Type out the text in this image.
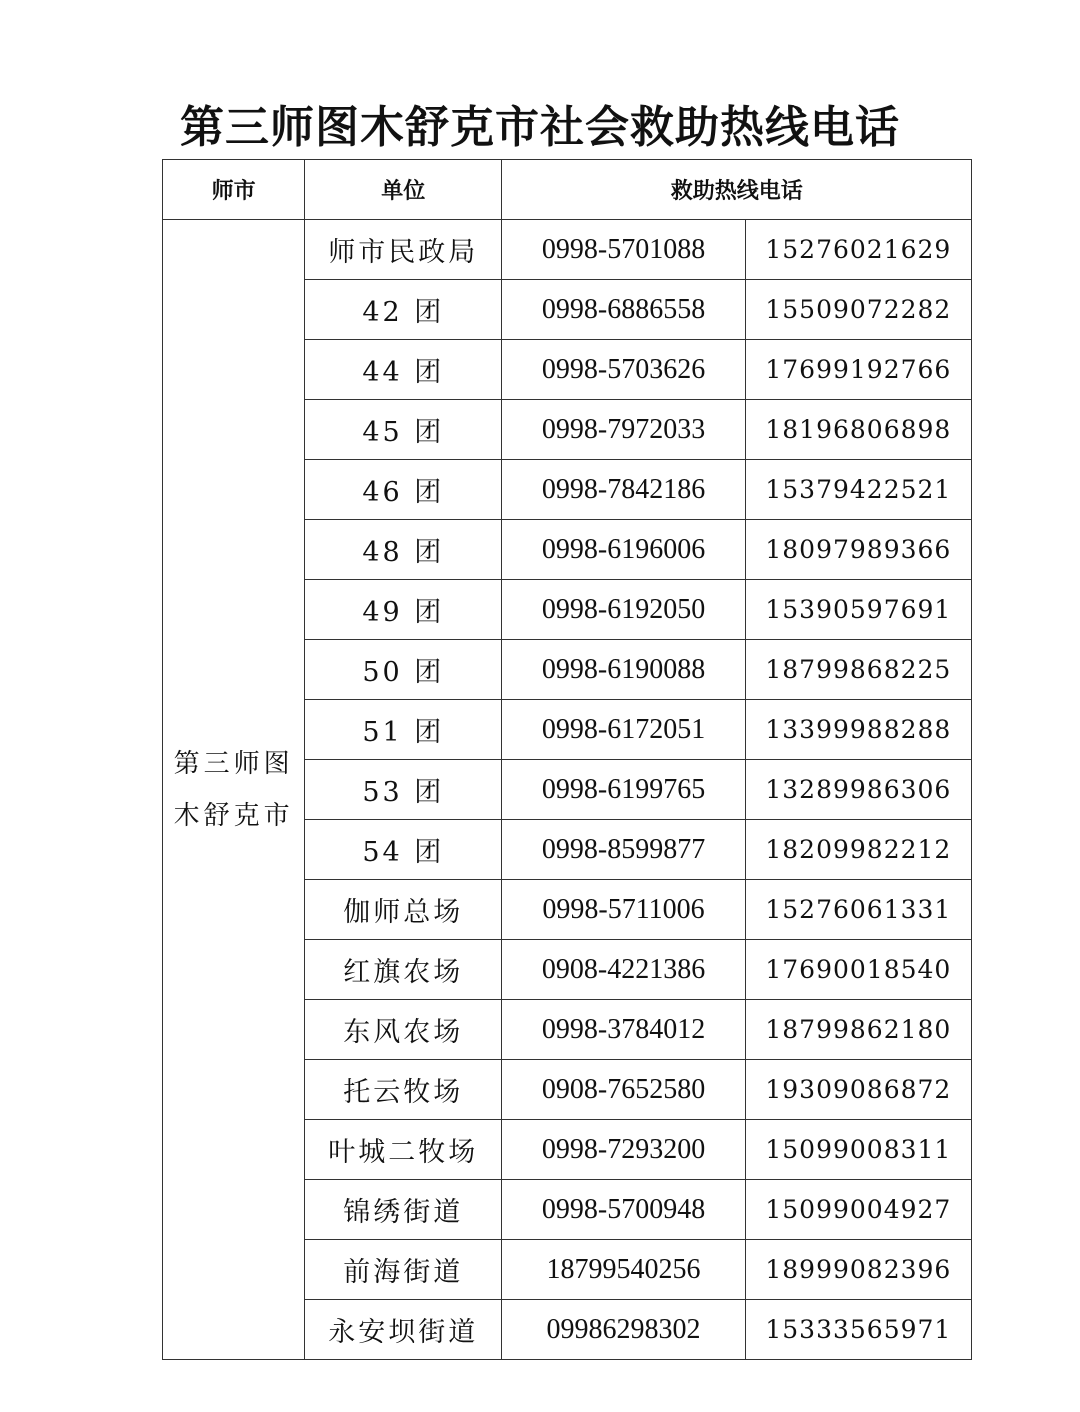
第三师图木舒克市社会救助热线电话
师市	单位	救助热线电话	
第三师图木舒克市	师市民政局	0998-5701088	15276021629
	42 团	0998-6886558	15509072282
	44 团	0998-5703626	17699192766
	45 团	0998-7972033	18196806898
	46 团	0998-7842186	15379422521
	48 团	0998-6196006	18097989366
	49 团	0998-6192050	15390597691
	50 团	0998-6190088	18799868225
	51 团	0998-6172051	13399988288
	53 团	0998-6199765	13289986306
	54 团	0998-8599877	18209982212
	伽师总场	0998-5711006	15276061331
	红旗农场	0908-4221386	17690018540
	东风农场	0998-3784012	18799862180
	托云牧场	0908-7652580	19309086872
	叶城二牧场	0998-7293200	15099008311
	锦绣街道	0998-5700948	15099004927
	前海街道	18799540256	18999082396
	永安坝街道	09986298302	15333565971
